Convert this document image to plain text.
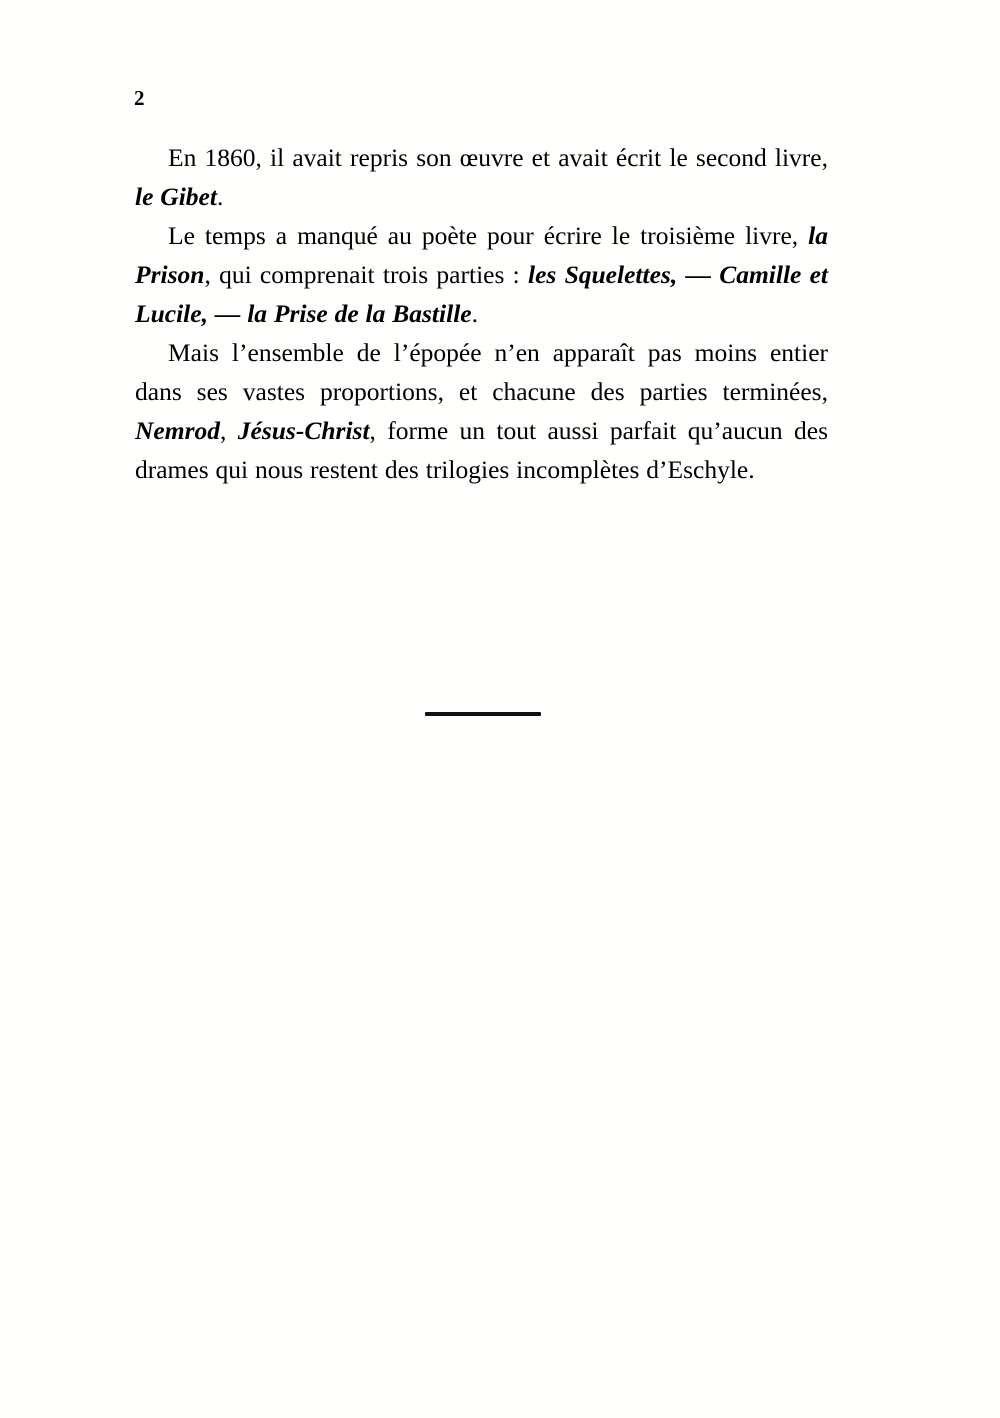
2

En 1860, il avait repris son œuvre et avait écrit le second livre, le Gibet.

Le temps a manqué au poète pour écrire le troisième livre, la Prison, qui comprenait trois parties : les Squelettes, — Camille et Lucile, — la Prise de la Bastille.

Mais l’ensemble de l’épopée n’en apparaît pas moins entier dans ses vastes proportions, et chacune des parties terminées, Nemrod, Jésus-Christ, forme un tout aussi parfait qu’aucun des drames qui nous restent des trilogies incomplètes d’Eschyle.
